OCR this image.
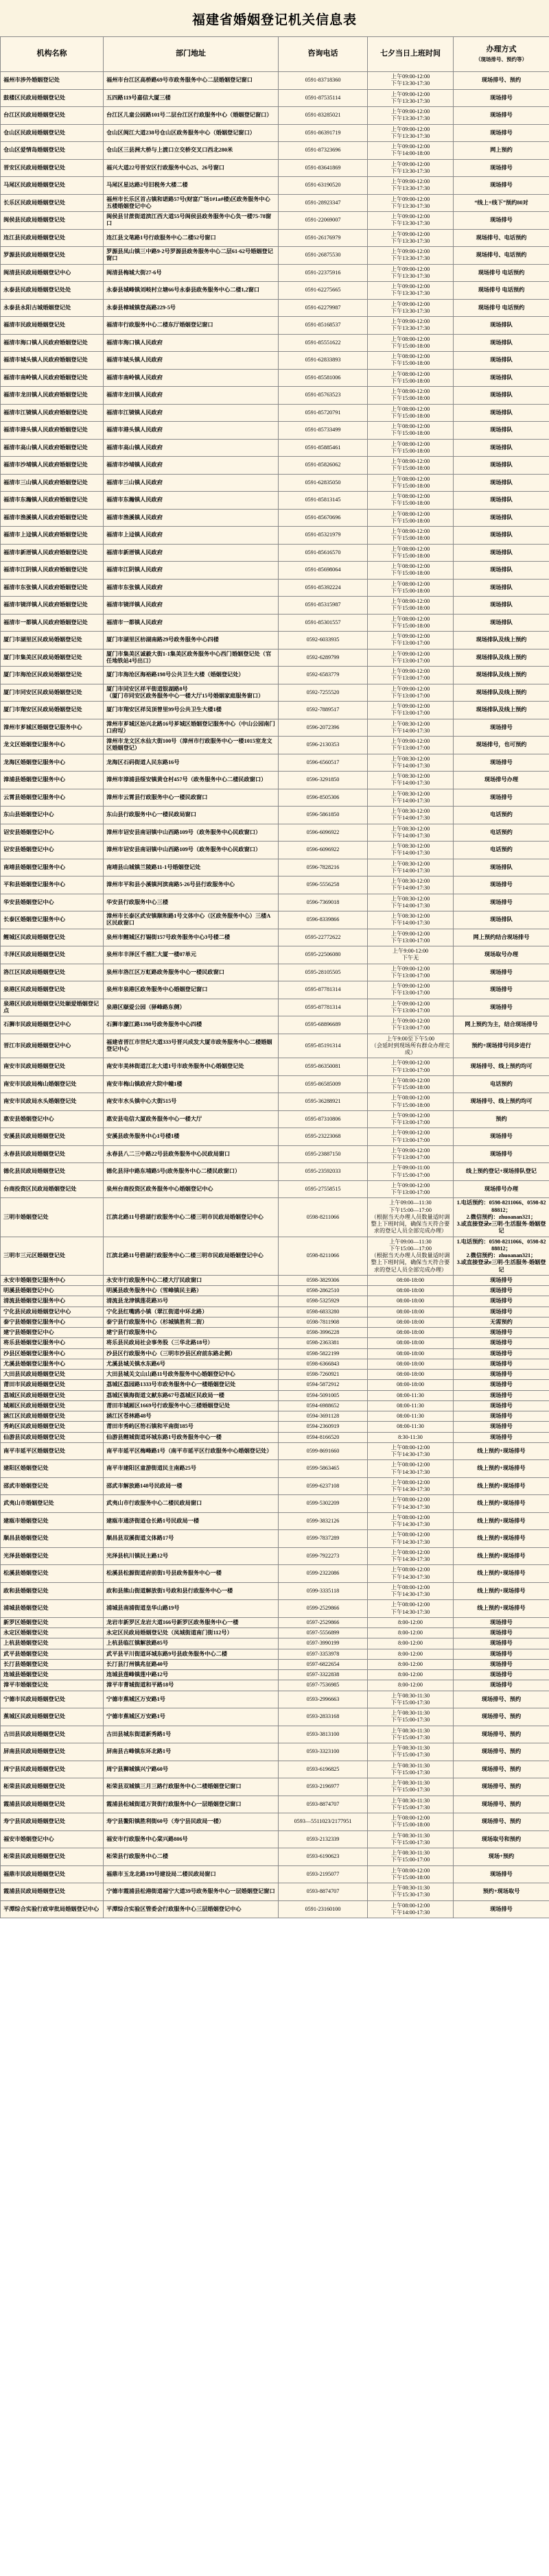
福建省婚姻登记机关信息表
机构名称	部门地址	咨询电话	七夕当日上班时间	办理方式
（现场排号、预约等）

福州市涉外婚姻登记处	福州市台江区高桥路69号市政务服务中心二层婚姻登记窗口	0591-83718360	上午09:00-12:00
下午13:30-17:30	现场排号、预约

鼓楼区民政局婚姻登记处	五四路119号嘉信大厦三楼	0591-87535114	上午09:00-12:00
下午13:30-17:30	现场排号

台江区民政局婚姻登记处	台江区儿童公园路101号二层台江区行政服务中心（婚姻登记窗口）	0591-83285021	上午09:00-12:00
下午13:30-17:30	现场排号

仓山区民政局婚姻登记处	仓山区闽江大道238号仓山区政务服务中心（婚姻登记窗口）	0591-86391719	上午09:00-12:00
下午13:30-17:30	现场排号

仓山区爱情岛婚姻登记处	仓山区三县洲大桥与上渡口立交桥交叉口西北280米	0591-87323696	上午09:00-12:00
下午14:00-18:00	网上预约

晋安区民政局婚姻登记处	福兴大道22号晋安区行政服务中心25、26号窗口	0591-83641869	上午09:00-12:00
下午13:30-17:30	现场排号

马尾区民政局婚姻登记处	马尾区星达路2号旧税务大楼二楼	0591-63190520	上午09:00-12:00
下午13:30-17:30	现场排号

长乐区民政局婚姻登记处	福州市长乐区首占镇和诺路57号(财富广场1#1a#楼)区政务服务中心五楼婚姻登记中心	0591-28923347	上午09:00-12:00
下午13:30-17:30	“线上+线下”预约80对

闽侯县民政局婚姻登记处	闽侯县甘蔗街道滨江西大道55号闽侯县政务服务中心负一楼75-78窗口	0591-22069007	上午09:00-12:00
下午13:30-17:30	现场排号

连江县民政局婚姻登记处	连江县文笔路1号行政服务中心二楼52号窗口	0591-26176979	上午09:00-12:00
下午13:30-17:30	现场排号、电话预约

罗源县民政局婚姻登记处	罗源县凤山镇三中路9-2号罗源县政务服务中心二层61-62号婚姻登记窗口	0591-26875530	上午09:00-12:00
下午13:30-17:30	现场排号、电话预约

闽清县民政局婚姻登记中心	闽清县梅城大街27-6号	0591-22375916	上午09:00-12:00
下午13:30-17:30	现场排号 电话预约

永泰县民政局婚姻登记处处	永泰县城峰镇刘岐村立塘66号永泰县政务服务中心二楼1,2窗口	0591-62275665	上午09:00-12:00
下午13:30-17:30	现场排号 电话预约

永泰县永阳古城婚姻登记处	永泰县樟城镇登高路229-5号	0591-62279987	上午09:00-12:00
下午13:30-17:30	现场排号 电话预约

福清市民政局婚姻登记处	福清市行政服务中心二楼东厅婚姻登记窗口	0591-85168537	上午09:00-12:00
下午13:30-17:30	现场排队

福清市海口镇人民政府婚姻登记处	福清市海口镇人民政府	0591-85551622	上午08:00-12:00
下午15:00-18:00	现场排队

福清市城头镇人民政府婚姻登记处	福清市城头镇人民政府	0591-62833893	上午08:00-12:00
下午15:00-18:00	现场排队

福清市南岭镇人民政府婚姻登记处	福清市南岭镇人民政府	0591-85581006	上午08:00-12:00
下午15:00-18:00	现场排队

福清市龙田镇人民政府婚姻登记处	福清市龙田镇人民政府	0591-85763523	上午08:00-12:00
下午15:00-18:00	现场排队

福清市江镜镇人民政府婚姻登记处	福清市江镜镇人民政府	0591-85720791	上午08:00-12:00
下午15:00-18:00	现场排队

福清市港头镇人民政府婚姻登记处	福清市港头镇人民政府	0591-85733499	上午08:00-12:00
下午15:00-18:00	现场排队

福清市高山镇人民政府婚姻登记处	福清市高山镇人民政府	0591-85885461	上午08:00-12:00
下午15:00-18:00	现场排队

福清市沙埔镇人民政府婚姻登记处	福清市沙埔镇人民政府	0591-85826062	上午08:00-12:00
下午15:00-18:00	现场排队

福清市三山镇人民政府婚姻登记处	福清市三山镇人民政府	0591-62835050	上午08:00-12:00
下午15:00-18:00	现场排队

福清市东瀚镇人民政府婚姻登记处	福清市东瀚镇人民政府	0591-85813145	上午08:00-12:00
下午15:00-18:00	现场排队

福清市渔溪镇人民政府婚姻登记处	福清市渔溪镇人民政府	0591-85670696	上午08:00-12:00
下午15:00-18:00	现场排队

福清市上迳镇人民政府婚姻登记处	福清市上迳镇人民政府	0591-85321979	上午08:00-12:00
下午15:00-18:00	现场排队

福清市新厝镇人民政府婚姻登记处	福清市新厝镇人民政府	0591-85616570	上午08:00-12:00
下午15:00-18:00	现场排队

福清市江阴镇人民政府婚姻登记处	福清市江阴镇人民政府	0591-85698064	上午08:00-12:00
下午15:00-18:00	现场排队

福清市东张镇人民政府婚姻登记处	福清市东张镇人民政府	0591-85392224	上午08:00-12:00
下午15:00-18:00	现场排队

福清市镜洋镇人民政府婚姻登记处	福清市镜洋镇人民政府	0591-85315987	上午08:00-12:00
下午15:00-18:00	现场排队

福清市一都镇人民政府婚姻登记处	福清市一都镇人民政府	0591-85301557	上午08:00-12:00
下午15:00-18:00	现场排队

厦门市湖里区民政局婚姻登记处	厦门市湖里区枋湖南路29号政务服务中心四楼	0592-6033935	上午09:00-12:00
下午13:00-17:00	现场排队及线上预约

厦门市集美区民政局婚姻登记处	厦门市集美区诚毅大街1-1集美区政务服务中心西门婚姻登记处（官任地铁站4号出口）	0592-6289799	上午09:00-12:00
下午13:00-17:00	现场排队及线上预约

厦门市海沧区民政局婚姻登记处	厦门市海沧区海裕路198号公共卫生大楼（婚姻登记处）	0592-6583779	上午09:00-12:00
下午13:00-17:00	现场排队及线上预约

厦门市同安区民政局婚姻登记处	厦门市同安区祥平街道银湖路8号
（厦门市同安区政务服务中心一楼大厅15号婚姻家庭服务窗口）	0592-7255520	上午09:00-12:00
下午13:00-17:00	现场排队及线上预约

厦门市翔安区民政局婚姻登记处	厦门市翔安区祥吴顶曾里99号公共卫生大楼1楼	0592-7889517	上午09:00-12:00
下午13:00-17:00	现场排队及线上预约

漳州市芗城区婚姻登记服务中心	漳州市芗城区始兴北路16号芗城区婚姻登记服务中心（中山公园南门口府埕）	0596-2072396	上午08:30-12:00
下午14:00-17:30	现场排号

龙文区婚姻登记服务中心	漳州市龙文区水仙大街100号（漳州市行政服务中心一楼1015室龙文区婚姻登记）	0596-2130353	上午09:00-12:00
下午13:00-17:00	现场排号，也可预约

龙海区婚姻登记服务中心	龙海区石码街道人民东路16号	0596-6560517	上午08:30-12:00
下午14:00-17:30	现场排号

漳浦县婚姻登记服务中心	漳州市漳浦县绥安镇黄仓村457号（政务服务中心二楼民政窗口）	0596-3291850	上午08:30-12:00
下午14:00-17:30	现场排号办理

云霄县婚姻登记服务中心	漳州市云霄县行政服务中心一楼民政窗口	0596-8505306	上午08:30-12:00
下午14:00-17:30	现场排号

东山县婚姻登记中心	东山县行政服务中心一楼民政局窗口	0596-5861850	上午08:30-12:00
下午14:00-17:30	电话预约

诏安县婚姻登记中心	漳州市诏安县南诏镇中山西路109号（政务服务中心民政窗口）	0596-6096922	上午08:30-12:00
下午14:00-17:30	电话预约

诏安县婚姻登记中心	漳州市诏安县南诏镇中山西路109号（政务服务中心民政窗口）	0596-6096922	上午08:30-12:00
下午14:00-17:30	电话预约

南靖县婚姻登记服务中心	南靖县山城镇兰陵路11-1号婚姻登记处	0596-7828216	上午08:30-12:00
下午14:00-17:30	现场排队

平和县婚姻登记服务中心	漳州市平和县小溪镇河滨南路5-26号县行政服务中心	0596-5556258	上午08:30-12:00
下午14:00-17:30	现场排号

华安县婚姻登记中心	华安县行政服务中心三楼	0596-7369018	上午08:30-12:00
下午14:00-17:30	现场排号

长泰区婚姻登记服务中心	漳州市长泰区武安镇顺和路1号文体中心（区政务服务中心）三楼A区民政窗口	0596-8339866	上午08:30-12:00
下午14:00-17:30	现场排队

鲤城区民政局婚姻登记处	泉州市鲤城区打锡街157号政务服务中心3号楼二楼	0595-22772622	上午09:00-12:00
下午13:00-17:00	网上预约结合现场排号

丰泽区民政局婚姻登记处	泉州市丰泽区千禧汇大厦一楼07单元	0595-22506080	上午9:00-12:00
下午无	现场取号办理

洛江区民政局婚姻登记处	泉州市洛江区万虹路政务服务中心一楼民政窗口	0595-28105505	上午09:00-12:00
下午13:00-17:00	现场排号

泉港区民政局婚姻登记处	泉州市泉港区政务服务中心婚姻登记窗口	0595-87781314	上午09:00-12:00
下午13:00-17:00	现场排号

泉港区民政局婚姻登记处颐爱婚姻登记点	泉港区颐爱公园（驿峰路东侧）	0595-87781314	上午09:00-12:00
下午13:00-17:00	现场排号

石狮市民政局婚姻登记中心	石狮市濠江路1398号政务服务中心四楼	0595-68896689	上午09:00-12:00
下午13:00-17:00	网上预约为主，结合现场排号

晋江市民政局婚姻登记中心	福建省晋江市世纪大道333号晋兴成发大厦市政务服务中心二楼婚姻登记中心	0595-85191314	上午9:00至下午5:00
（会延时到现场所有群众办理完成）	预约+现场排号同步进行

南安市民政局婚姻登记处	南安市美林街道江北大道1号市政务服务中心婚姻登记处	0595-86350081	上午09:00-12:00
下午13:00-17:00	现场排号、线上预约均可

南安市民政局梅山婚姻登记处	南安市梅山镇政府大院中幢1楼	0595-86585009	上午08:00-12:00
下午15:00-18:00	电话预约

南安市民政局水头婚姻登记处	南安市水头镇中心大街515号	0595-36288921	上午08:00-12:00
下午15:00-18:00	现场排号、线上预约均可

惠安县婚姻登记中心	惠安县电信大厦政务服务中心一楼大厅	0595-87310806	上午09:00-12:00
下午13:00-17:00	预约

安溪县民政局婚姻登记处	安溪县政务服务中心1号楼1楼	0595-23223068	上午09:00-12:00
下午13:00-17:00	现场排号

永春县民政局婚姻登记处	永春县八二三中路22号县政务服务中心民政局窗口	0595-23887150	上午09:00-12:00
下午13:00-17:00	现场排号

德化县民政局婚姻登记处	德化县浔中路东埔路5号(政务服务中心二楼民政窗口）	0595-23592033	上午09:00-11:00
下午15:00-17:00	线上预约登记+现场排队登记

台商投资区民政局婚姻登记处	泉州台商投资区政务服务中心婚姻登记中心	0595-27558515	上午09:00-12:00
下午13:00-17:00	现场排号办理

三明市婚姻登记处	江滨北路11号碧湖行政服务中心二楼三明市民政局婚姻登记中心	0598-8211066	上午09:00—11:30
下午15:00—17:00
（根据当天办理人员数量适时调整上下班时间，确保当天符合要求的登记人员全部完成办理）	1.电话预约：0598-8211066、0598-8288812；
2.微信预约：zhuoanan321；
3.或直接登录e三明-生活服务-婚姻登记

三明市三元区婚姻登记处	江滨北路11号碧湖行政服务中心二楼三明市民政局婚姻登记中心	0598-8211066	上午09:00—11:30
下午15:00—17:00
（根据当天办理人员数量适时调整上下班时间，确保当天符合要求的登记人员全部完成办理）	1.电话预约：0598-8211066、0598-8288812；
2.微信预约：zhuoanan321；
3.或直接登录e三明-生活服务-婚姻登记

永安市婚姻登记服务中心	永安市行政服务中心二楼大厅民政窗口	0598-3829306	08:00-18:00	现场排号

明溪县婚姻登记中心	明溪县政务服务中心（雪峰镇民主路）	0598-2862510	08:00-18:00	现场排号

清流县婚姻登记服务中心	清流县龙津镇莲花路35号	0598-5325929	08:00-18:00	现场排号

宁化县民政局婚姻登记中心	宁化县红嘴鸥小镇（翠江街道中环北路）	0598-6833280	08:00-18:00	现场排号

泰宁县婚姻登记服务中心	泰宁县行政服务中心（杉城镇胜利二街）	0598-7811908	08:00-18:00	无需预约

建宁县婚姻登记中心	建宁县行政服务中心	0598-3996228	08:00-18:00	现场排号

将乐县婚姻登记服务中心	将乐县民政局社会事务股（三华北路18号）	0598-2363381	08:00-18:00	现场排号

沙县区婚姻登记服务中心	沙县区行政服务中心（三明市沙县区府前东路北侧）	0598-5822199	08:00-18:00	现场排号

尤溪县婚姻登记服务中心	尤溪县城关镇水东路6号	0598-6366843	08:00-18:00	现场排号

大田县民政局婚姻登记处	大田县城关文山山路11号政务服务中心婚姻登记中心	0598-7260921	08:00-18:00	现场排号

莆田市民政局婚姻登记处	荔城区荔园路1333号市政务服务中心一楼婚姻登记处	0594-5872912	08:00-18:00	现场排号

荔城区民政局婚姻登记处	荔城区镇海街道文献东路67号荔城区民政局一楼	0594-5091005	08:00-11:30	现场排号

城厢区民政局婚姻登记处	莆田市城厢区1669号行政服务中心三楼婚姻登记处	0594-6988652	08:00-11:30	现场排号

涵江区民政局婚姻登记处	涵江区苍林路48号	0594-3691128	08:00-11:30	现场排号

秀屿区民政局婚姻登记处	莆田市秀屿区笏石镇和平南街185号	0594-2360919	08:00-11:30	现场排号

仙游县民政局婚姻登记处	仙游县鲤城街道环城东路1号政务服务中心一楼	0594-8166520	8:30-11:30	现场排号

南平市延平区婚姻登记处	南平市延平区梅峰路1号（南平市延平区行政服务中心婚姻登记处）	0599-8691660	上午08:00-12:00
下午14:30-17:30	线上预约+现场排号

建阳区婚姻登记处	南平市建阳区童游街道民主南路25号	0599-5863465	上午08:00-12:00
下午14:30-17:30	线上预约+现场排号

邵武市婚姻登记处	邵武市解放路148号民政局一楼	0599-6237108	上午08:00-12:00
下午14:30-17:30	线上预约+现场排号

武夷山市婚姻登记处	武夷山市行政服务中心二楼民政局窗口	0599-5302209	上午08:00-12:00
下午14:30-17:30	线上预约+现场排号

建瓯市婚姻登记处	建瓯市通济街道仓长路1号民政局一楼	0599-3832126	上午08:00-12:00
下午14:30-17:30	线上预约+现场排号

顺昌县婚姻登记处	顺昌县双溪街道文体路17号	0599-7837289	上午08:00-12:00
下午14:30-17:30	线上预约+现场排号

光泽县婚姻登记处	光泽县杭川镇民主路12号	0599-7922273	上午08:00-12:00
下午14:30-17:30	线上预约+现场排号

松溪县婚姻登记处	松溪县松源街道府前街1号县政务服务中心一楼	0599-2322086	上午08:00-12:00
下午14:30-17:30	线上预约+现场排号

政和县婚姻登记处	政和县熊山街道解放街1号政和县行政服务中心一楼	0599-3335118	上午08:00-12:00
下午14:30-17:30	线上预约+现场排号

浦城县婚姻登记处	浦城县南浦街道皇华山路19号	0599-2529866	上午08:00-12:00
下午14:30-17:30	线上预约+现场排号

新罗区婚姻登记处	龙岩市新罗区龙岩大道166号新罗区政务服务中心一楼	0597-2529866	8:00-12:00	现场排号

永定区婚姻登记处	永定区民政局婚姻登记处（凤城街道南门街112号）	0597-5556899	8:00-12:00	现场排号

上杭县婚姻登记处	上杭县临江镇解放路85号	0597-3990199	8:00-12:00	现场排号

武平县婚姻登记处	武平县平川街道环城东路9号县政务服务中心二楼	0597-3353978	8:00-12:00	现场排号

长汀县婚姻登记处	长汀县汀州镇兆征路40号	0597-6822654	8:00-12:00	现场排号

连城县婚姻登记处	连城县莲峰镇莲中路12号	0597-3322838	8:00-12:00	现场排号

漳平市婚姻登记处	漳平市菁城街道和平路18号	0597-7536985	8:00-12:00	现场排号

宁德市民政局婚姻登记处	宁德市蕉城区万安路1号	0593-2996663	上午08:30-11:30
下午15:00-17:30	现场排号、预约

蕉城区民政局婚姻登记处	宁德市蕉城区万安路1号	0593-2833168	上午08:30-11:30
下午15:00-17:30	现场排号、预约

古田县民政局婚姻登记处	古田县城东街道新秀路1号	0593-3813100	上午08:30-11:30
下午15:00-17:30	现场排号、预约

屏南县民政局婚姻登记处	屏南县古峰镇东环北路1号	0593-3323100	上午08:30-11:30
下午15:00-17:30	现场排号、预约

周宁县民政局婚姻登记处	周宁县狮城镇兴宁路60号	0593-6196825	上午08:30-11:30
下午15:00-17:30	现场排号、预约

柘荣县民政局婚姻登记处	柘荣县双城镇三月三路行政服务中心二楼婚姻登记窗口	0593-2196977	上午08:30-11:30
下午15:00-17:30	现场排号、预约

霞浦县民政局婚姻登记处	霞浦县松城街道万贤街行政服务中心一层婚姻登记窗口	0593-8874707	上午08:30-11:30
下午15:00-17:30	现场排号、预约

寿宁县民政局婚姻登记处	寿宁县鳌阳镇胜利街60号（寿宁县民政局一楼）	0593—5511023/2177951	上午08:00-12:00
下午15:00-18:00	现场排号、预约

福安市婚姻登记中心	福安市行政服务中心棠兴路806号	0593-2132339	上午08:30-11:30
下午15:00-17:30	现场取号和预约

柘荣县民政局婚姻登记处	柘荣县行政服务中心二楼	0593-6190623	上午08:30-11:30
下午15:00-17:00	现场+预约

福鼎市民政局婚姻登记处	福鼎市玉龙北路199号建设局二楼民政局窗口	0593-2195077	上午08:00-12:00
下午15:00-18:00	现场排号

霞浦县民政局婚姻登记处	宁德市霞浦县松港街道福宁大道39号政务服务中心一层婚姻登记窗口	0593-8874707	上午08:30-11:30
下午15:30-17:30	预约+现场取号

平潭综合实验行政审批局婚姻登记中心	平潭综合实验区管委会行政服务中心三层婚姻登记中心	0591-23160100	上午08:00-12:00
下午14:00-17:30	现场排号
